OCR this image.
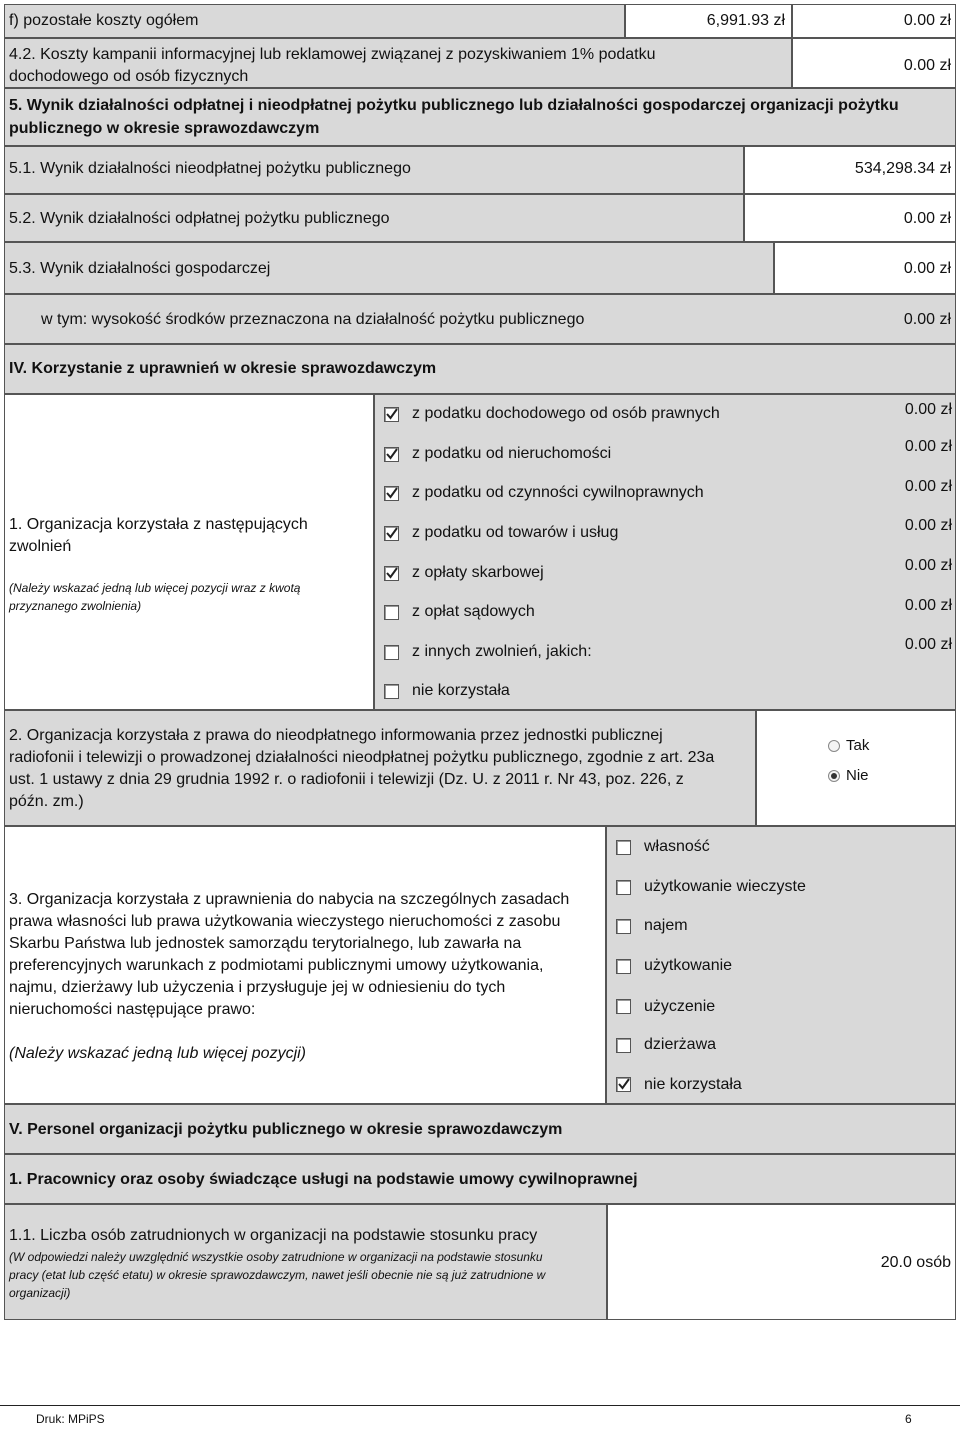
f) pozostałe koszty ogółem	6,991.93 zł	0.00 zł
4.2. Koszty kampanii informacyjnej lub reklamowej związanej z pozyskiwaniem 1% podatku
dochodowego od osób fizycznych
0.00 zł
5. Wynik działalności odpłatnej i nieodpłatnej pożytku publicznego lub działalności gospodarczej organizacji pożytku
publicznego w okresie sprawozdawczym
5.1. Wynik działalności nieodpłatnej pożytku publicznego	534,298.34 zł
5.2. Wynik działalności odpłatnej pożytku publicznego	0.00 zł
5.3. Wynik działalności gospodarczej	0.00 zł
w tym: wysokość środków przeznaczona na działalność pożytku publicznego	0.00 zł
IV. Korzystanie z uprawnień w okresie sprawozdawczym
1. Organizacja korzystała z następujących
zwolnień
(Należy wskazać jedną lub więcej pozycji wraz z kwotą
przyznanego zwolnienia)
z podatku dochodowego od osób prawnych	0.00 zł
z podatku od nieruchomości	0.00 zł
z podatku od czynności cywilnoprawnych	0.00 zł
z podatku od towarów i usług	0.00 zł
z opłaty skarbowej	0.00 zł
z opłat sądowych	0.00 zł
z innych zwolnień, jakich:	0.00 zł
nie korzystała
2. Organizacja korzystała z prawa do nieodpłatnego informowania przez jednostki publicznej
radiofonii i telewizji o prowadzonej działalności nieodpłatnej pożytku publicznego, zgodnie z art. 23a
ust. 1 ustawy z dnia 29 grudnia 1992 r. o radiofonii i telewizji (Dz. U. z 2011 r. Nr 43, poz. 226, z
późn. zm.)
Tak
Nie
3. Organizacja korzystała z uprawnienia do nabycia na szczególnych zasadach
prawa własności lub prawa użytkowania wieczystego nieruchomości z zasobu
Skarbu Państwa lub jednostek samorządu terytorialnego, lub zawarła na
preferencyjnych warunkach z podmiotami publicznymi umowy użytkowania,
najmu, dzierżawy lub użyczenia i przysługuje jej w odniesieniu do tych
nieruchomości następujące prawo:
(Należy wskazać jedną lub więcej pozycji)
własność
użytkowanie wieczyste
najem
użytkowanie
użyczenie
dzierżawa
nie korzystała
V. Personel organizacji pożytku publicznego w okresie sprawozdawczym
1. Pracownicy oraz osoby świadczące usługi na podstawie umowy cywilnoprawnej
1.1. Liczba osób zatrudnionych w organizacji na podstawie stosunku pracy
(W odpowiedzi należy uwzględnić wszystkie osoby zatrudnione w organizacji na podstawie stosunku
pracy (etat lub część etatu) w okresie sprawozdawczym, nawet jeśli obecnie nie są już zatrudnione w
organizacji)
20.0 osób
Druk: MPiPS	6
